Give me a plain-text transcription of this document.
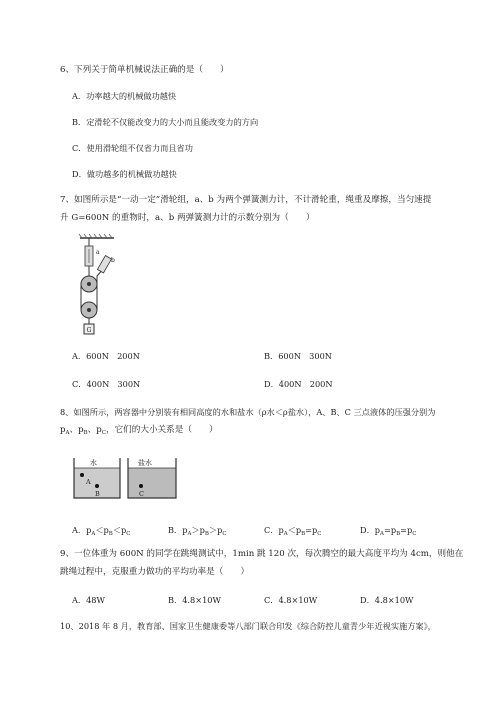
6、下列关于简单机械说法正确的是（　　）
A．功率越大的机械做功越快
B．定滑轮不仅能改变力的大小而且能改变力的方向
C．使用滑轮组不仅省力而且省功
D．做功越多的机械做功越快
7、如图所示是“一动一定”滑轮组，a、b 为两个弹簧测力计，不计滑轮重，绳重及摩擦，当匀速提
升 G=600N 的重物时，a、b 两弹簧测力计的示数分别为（　　）
a
b
G
A．600N　200N	B．600N　300N
C．400N　300N	D．400N　200N
8、如图所示，两容器中分别装有相同高度的水和盐水（ρ水＜ρ盐水），A、B、C 三点液体的压强分别为
$p_A$、$p_B$、$p_C$，它们的大小关系是（　　）
水
A
B
盐水
C
A．$p_A<p_B<p_C$	B．$p_A>p_B>p_C$	C．$p_A<p_B=p_C$	D．$p_A=p_B=p_C$
9、一位体重为 600N 的同学在跳绳测试中，1min 跳 120 次，每次腾空的最大高度平均为 4cm，则他在
跳绳过程中，克服重力做功的平均功率是（　　）
A．48W	B．4.8×10W	C．4.8×10W	D．4.8×10W
10、2018 年 8 月，教育部、国家卫生健康委等八部门联合印发《综合防控儿童青少年近视实施方案》，
